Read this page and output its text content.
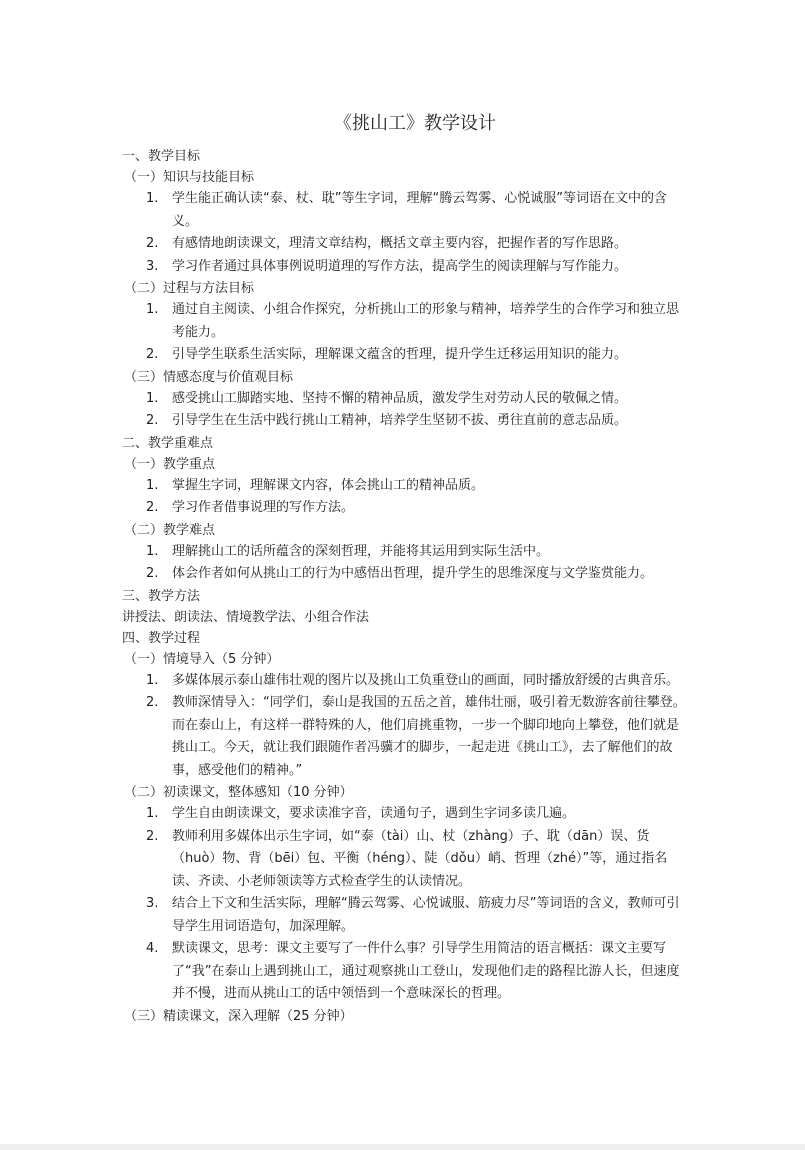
《挑山工》教学设计
一、教学目标
（一）知识与技能目标
1.	学生能正确认读“泰、杖、耽”等生字词，理解“腾云驾雾、心悦诚服”等词语在文中的含义。
2.	有感情地朗读课文，理清文章结构，概括文章主要内容，把握作者的写作思路。
3.	学习作者通过具体事例说明道理的写作方法，提高学生的阅读理解与写作能力。
（二）过程与方法目标
1.	通过自主阅读、小组合作探究，分析挑山工的形象与精神，培养学生的合作学习和独立思考能力。
2.	引导学生联系生活实际，理解课文蕴含的哲理，提升学生迁移运用知识的能力。
（三）情感态度与价值观目标
1.	感受挑山工脚踏实地、坚持不懈的精神品质，激发学生对劳动人民的敬佩之情。
2.	引导学生在生活中践行挑山工精神，培养学生坚韧不拔、勇往直前的意志品质。
二、教学重难点
（一）教学重点
1.	掌握生字词，理解课文内容，体会挑山工的精神品质。
2.	学习作者借事说理的写作方法。
（二）教学难点
1.	理解挑山工的话所蕴含的深刻哲理，并能将其运用到实际生活中。
2.	体会作者如何从挑山工的行为中感悟出哲理，提升学生的思维深度与文学鉴赏能力。
三、教学方法
讲授法、朗读法、情境教学法、小组合作法
四、教学过程
（一）情境导入（5 分钟）
1.	多媒体展示泰山雄伟壮观的图片以及挑山工负重登山的画面，同时播放舒缓的古典音乐。
2.	教师深情导入：“同学们，泰山是我国的五岳之首，雄伟壮丽，吸引着无数游客前往攀登。而在泰山上，有这样一群特殊的人，他们肩挑重物，一步一个脚印地向上攀登，他们就是挑山工。今天，就让我们跟随作者冯骥才的脚步，一起走进《挑山工》，去了解他们的故事，感受他们的精神。”
（二）初读课文，整体感知（10 分钟）
1.	学生自由朗读课文，要求读准字音，读通句子，遇到生字词多读几遍。
2.	教师利用多媒体出示生字词，如“泰（tài）山、杖（zhàng）子、耽（dān）误、货（huò）物、背（bēi）包、平衡（héng）、陡（dǒu）峭、哲理（zhé）”等，通过指名读、齐读、小老师领读等方式检查学生的认读情况。
3.	结合上下文和生活实际，理解“腾云驾雾、心悦诚服、筋疲力尽”等词语的含义，教师可引导学生用词语造句，加深理解。
4.	默读课文，思考：课文主要写了一件什么事？引导学生用简洁的语言概括：课文主要写了“我”在泰山上遇到挑山工，通过观察挑山工登山，发现他们走的路程比游人长，但速度并不慢，进而从挑山工的话中领悟到一个意味深长的哲理。
（三）精读课文，深入理解（25 分钟）
